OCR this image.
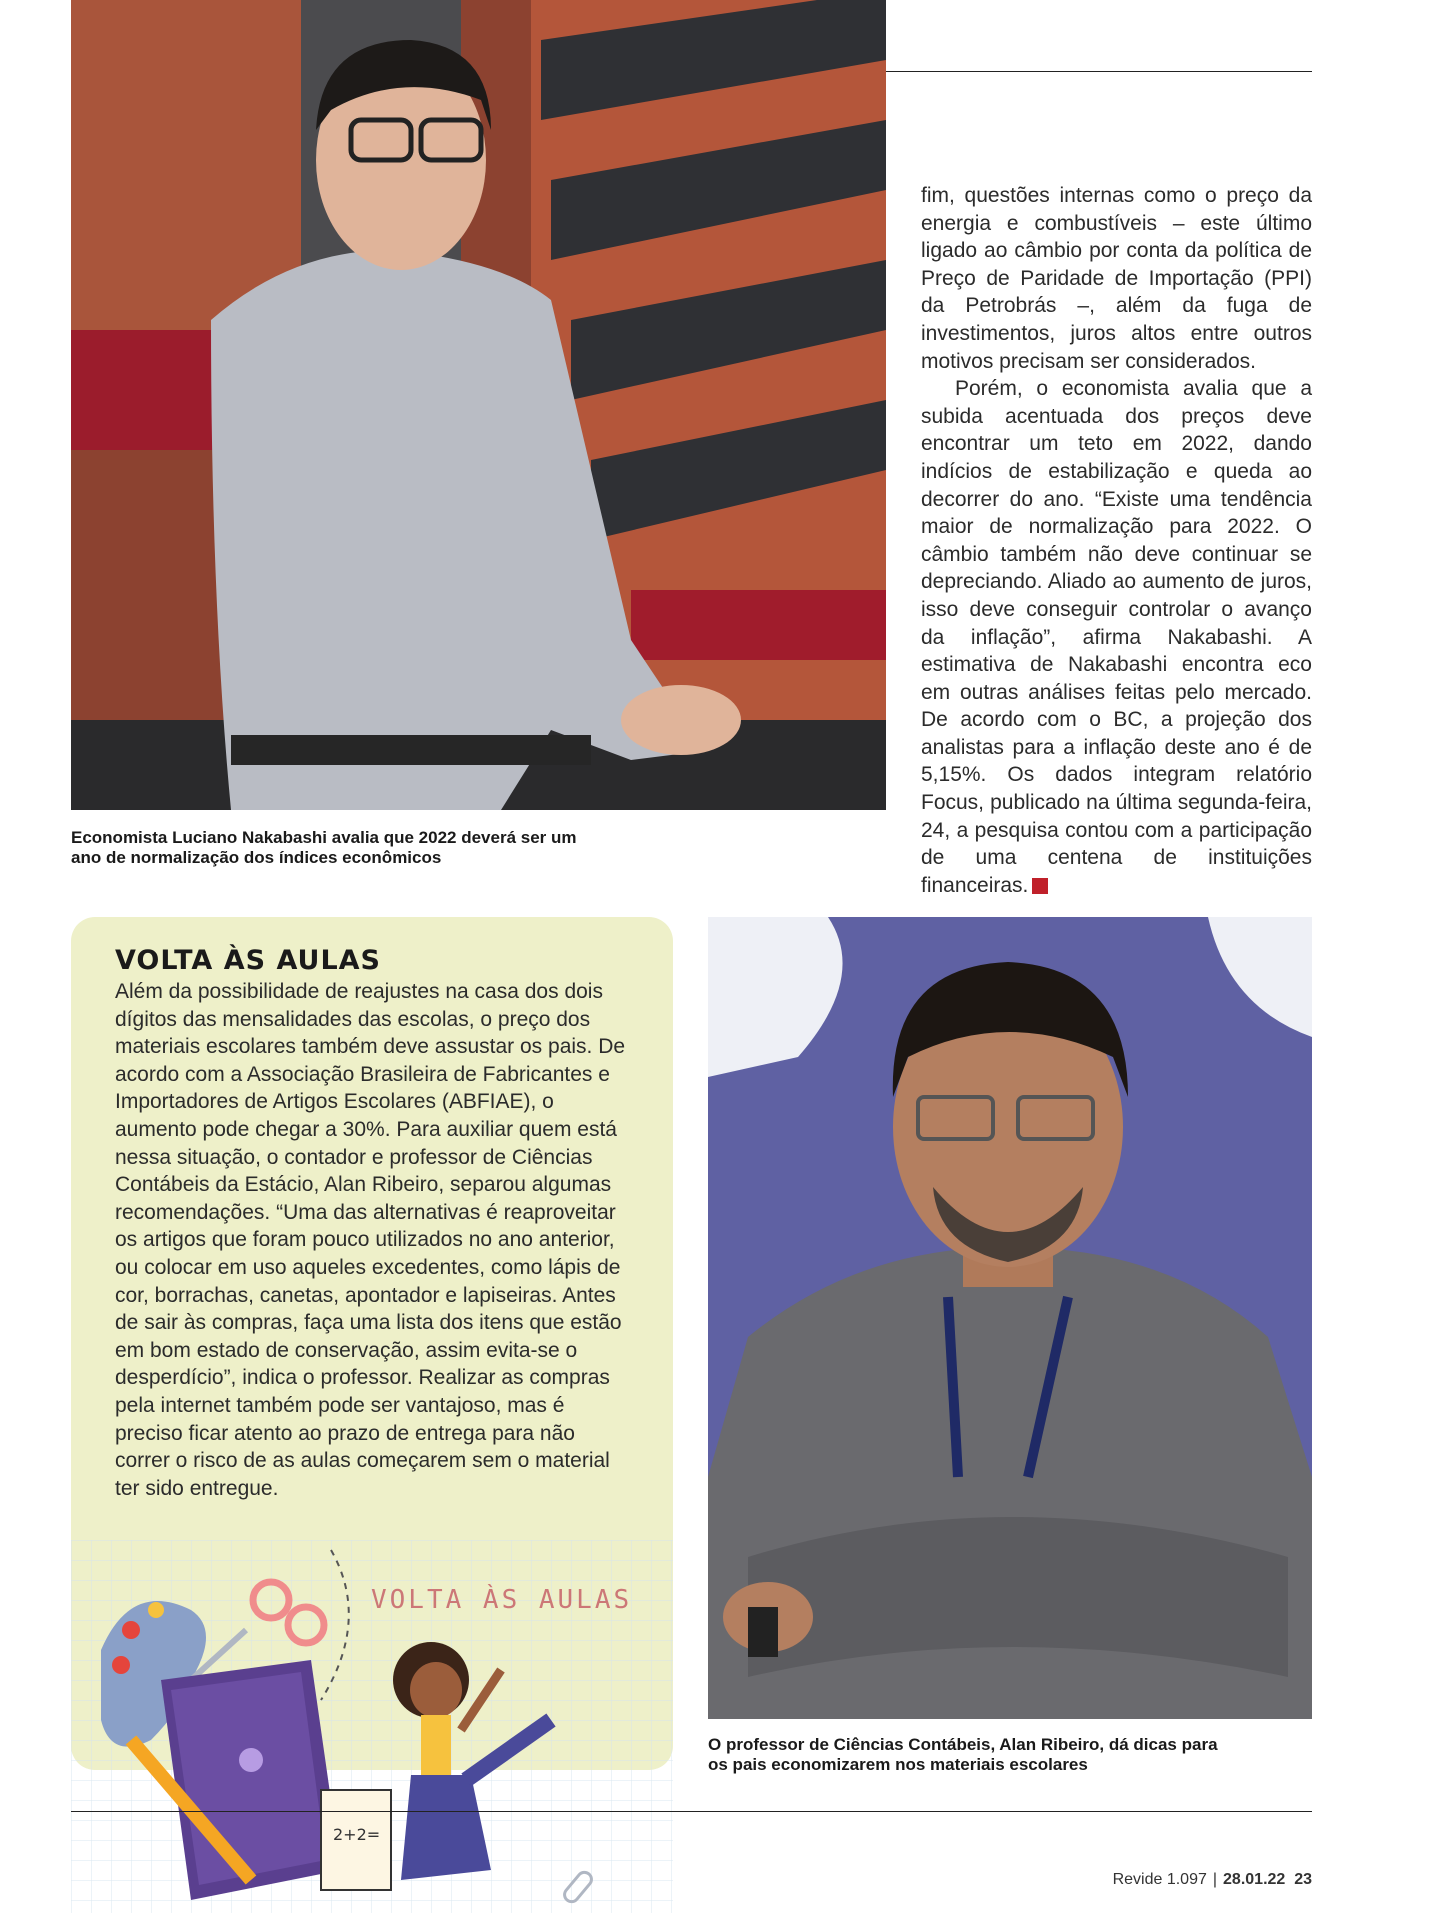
Economista Luciano Nakabashi avalia que 2022 deverá ser um ano de normalização dos índices econômicos

fim, questões internas como o preço da energia e combustíveis – este último ligado ao câmbio por conta da política de Preço de Paridade de Importação (PPI) da Petrobrás –, além da fuga de investimentos, juros altos entre outros motivos precisam ser considerados.

Porém, o economista avalia que a subida acentuada dos preços deve encontrar um teto em 2022, dando indícios de estabilização e queda ao decorrer do ano. “Existe uma tendência maior de normalização para 2022. O câmbio também não deve continuar se depreciando. Aliado ao aumento de juros, isso deve conseguir controlar o avanço da inflação”, afirma Nakabashi. A estimativa de Nakabashi encontra eco em outras análises feitas pelo mercado. De acordo com o BC, a projeção dos analistas para a inflação deste ano é de 5,15%. Os dados integram relatório Focus, publicado na última segunda-feira, 24, a pesquisa contou com a participação de uma centena de instituições financeiras.	R

VOLTA ÀS AULAS
Além da possibilidade de reajustes na casa dos dois dígitos das mensalidades das escolas, o preço dos materiais escolares também deve assustar os pais. De acordo com a Associação Brasileira de Fabricantes e Importadores de Artigos Escolares (ABFIAE), o aumento pode chegar a 30%. Para auxiliar quem está nessa situação, o contador e professor de Ciências Contábeis da Estácio, Alan Ribeiro, separou algumas recomendações. “Uma das alternativas é reaproveitar os artigos que foram pouco utilizados no ano anterior, ou colocar em uso aqueles excedentes, como lápis de cor, borrachas, canetas, apontador e lapiseiras. Antes de sair às compras, faça uma lista dos itens que estão em bom estado de conservação, assim evita-se o desperdício”, indica o professor. Realizar as compras pela internet também pode ser vantajoso, mas é preciso ficar atento ao prazo de entrega para não correr o risco de as aulas começarem sem o material ter sido entregue.
VOLTA ÀS AULAS
2+2=
O professor de Ciências Contábeis, Alan Ribeiro, dá dicas para os pais economizarem nos materiais escolares
Revide 1.097 | 28.01.22 23
